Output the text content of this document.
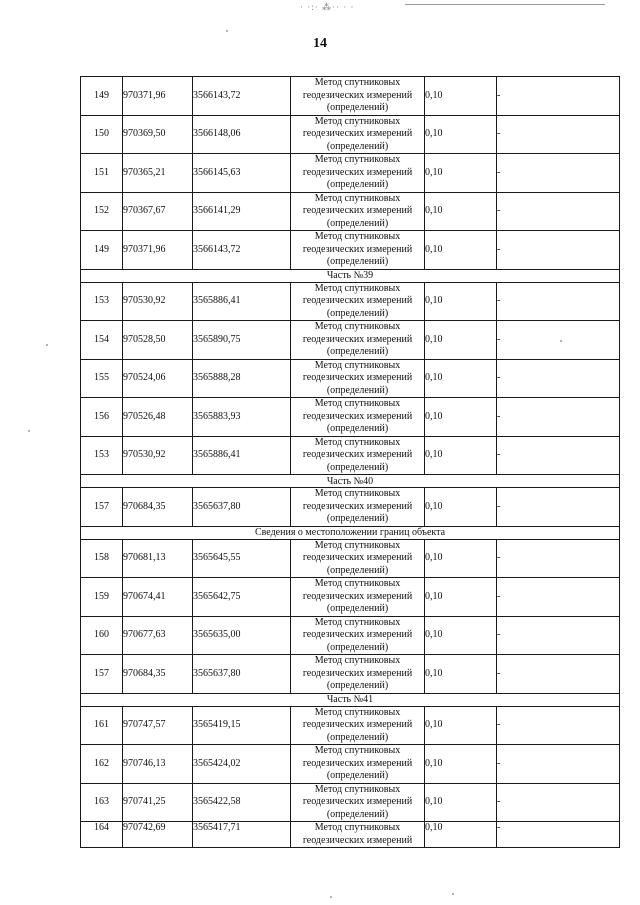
· ·:· ⁂·· · ·
14
149	970371,96	3566143,72	Метод спутниковых геодезических измерений (определений)	0,10	-
150	970369,50	3566148,06	Метод спутниковых геодезических измерений (определений)	0,10	-
151	970365,21	3566145,63	Метод спутниковых геодезических измерений (определений)	0,10	-
152	970367,67	3566141,29	Метод спутниковых геодезических измерений (определений)	0,10	-
149	970371,96	3566143,72	Метод спутниковых геодезических измерений (определений)	0,10	-
Часть №39					
153	970530,92	3565886,41	Метод спутниковых геодезических измерений (определений)	0,10	-
154	970528,50	3565890,75	Метод спутниковых геодезических измерений (определений)	0,10	-
155	970524,06	3565888,28	Метод спутниковых геодезических измерений (определений)	0,10	-
156	970526,48	3565883,93	Метод спутниковых геодезических измерений (определений)	0,10	-
153	970530,92	3565886,41	Метод спутниковых геодезических измерений (определений)	0,10	-
Часть №40					
157	970684,35	3565637,80	Метод спутниковых геодезических измерений (определений)	0,10	-
Сведения о местоположении границ объекта					
158	970681,13	3565645,55	Метод спутниковых геодезических измерений (определений)	0,10	-
159	970674,41	3565642,75	Метод спутниковых геодезических измерений (определений)	0,10	-
160	970677,63	3565635,00	Метод спутниковых геодезических измерений (определений)	0,10	-
157	970684,35	3565637,80	Метод спутниковых геодезических измерений (определений)	0,10	-
Часть №41					
161	970747,57	3565419,15	Метод спутниковых геодезических измерений (определений)	0,10	-
162	970746,13	3565424,02	Метод спутниковых геодезических измерений (определений)	0,10	-
163	970741,25	3565422,58	Метод спутниковых геодезических измерений (определений)	0,10	-
164	970742,69	3565417,71	Метод спутниковых геодезических измерений	0,10	-
